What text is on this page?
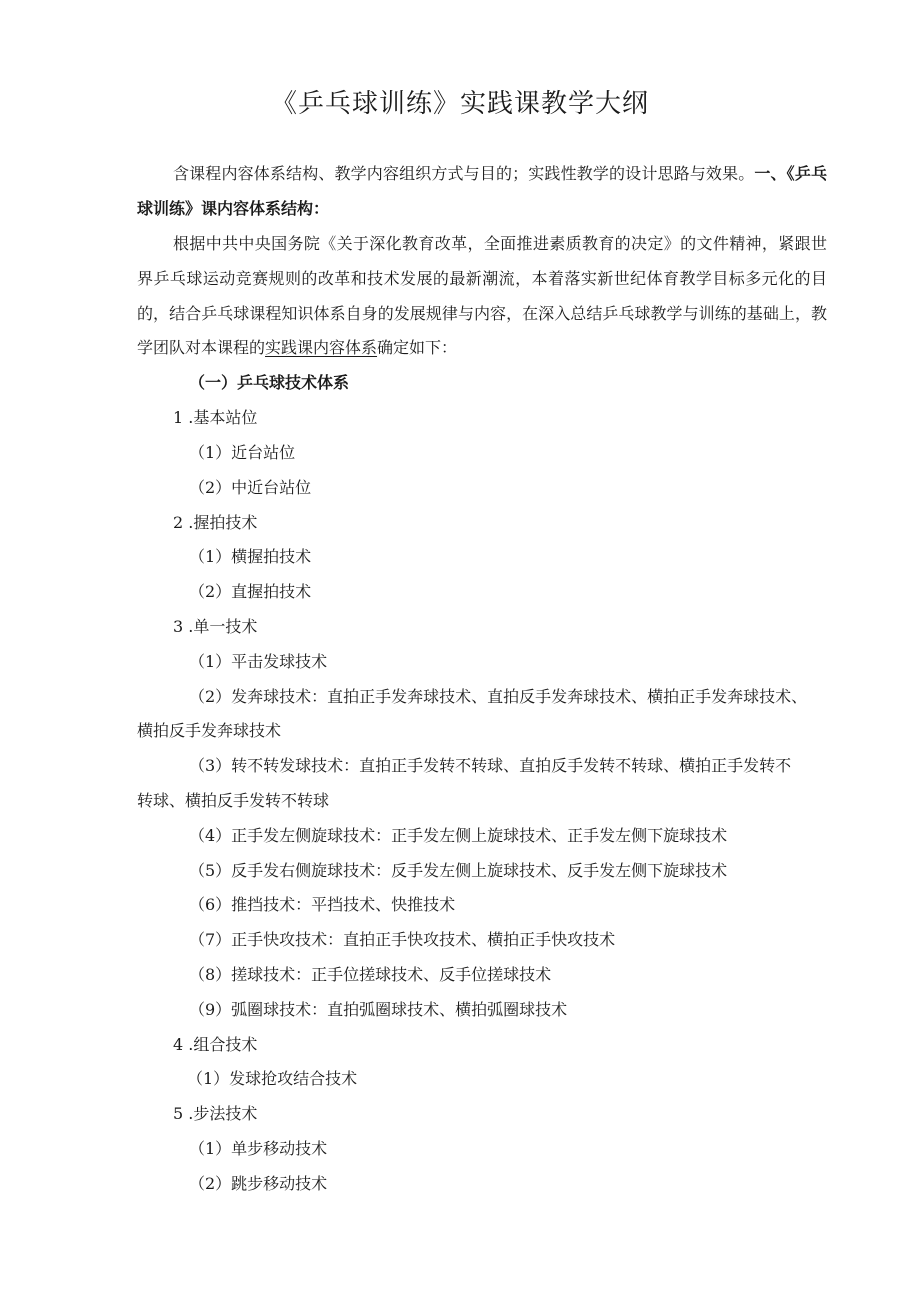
《乒乓球训练》实践课教学大纲

含课程内容体系结构、教学内容组织方式与目的；实践性教学的设计思路与效果。一、《乒乓球训练》课内容体系结构：

根据中共中央国务院《关于深化教育改革，全面推进素质教育的决定》的文件精神，紧跟世界乒乓球运动竞赛规则的改革和技术发展的最新潮流，本着落实新世纪体育教学目标多元化的目的，结合乒乓球课程知识体系自身的发展规律与内容，在深入总结乒乓球教学与训练的基础上，教学团队对本课程的实践课内容体系确定如下：

（一）乒乓球技术体系
1 .基本站位
（1）近台站位
（2）中近台站位
2 .握拍技术
（1）横握拍技术
（2）直握拍技术
3 .单一技术
（1）平击发球技术
（2）发奔球技术：直拍正手发奔球技术、直拍反手发奔球技术、横拍正手发奔球技术、
横拍反手发奔球技术
（3）转不转发球技术：直拍正手发转不转球、直拍反手发转不转球、横拍正手发转不
转球、横拍反手发转不转球
（4）正手发左侧旋球技术：正手发左侧上旋球技术、正手发左侧下旋球技术
（5）反手发右侧旋球技术：反手发左侧上旋球技术、反手发左侧下旋球技术
（6）推挡技术：平挡技术、快推技术
（7）正手快攻技术：直拍正手快攻技术、横拍正手快攻技术
（8）搓球技术：正手位搓球技术、反手位搓球技术
（9）弧圈球技术：直拍弧圈球技术、横拍弧圈球技术
4 .组合技术
（1）发球抢攻结合技术
5 .步法技术
（1）单步移动技术
（2）跳步移动技术
